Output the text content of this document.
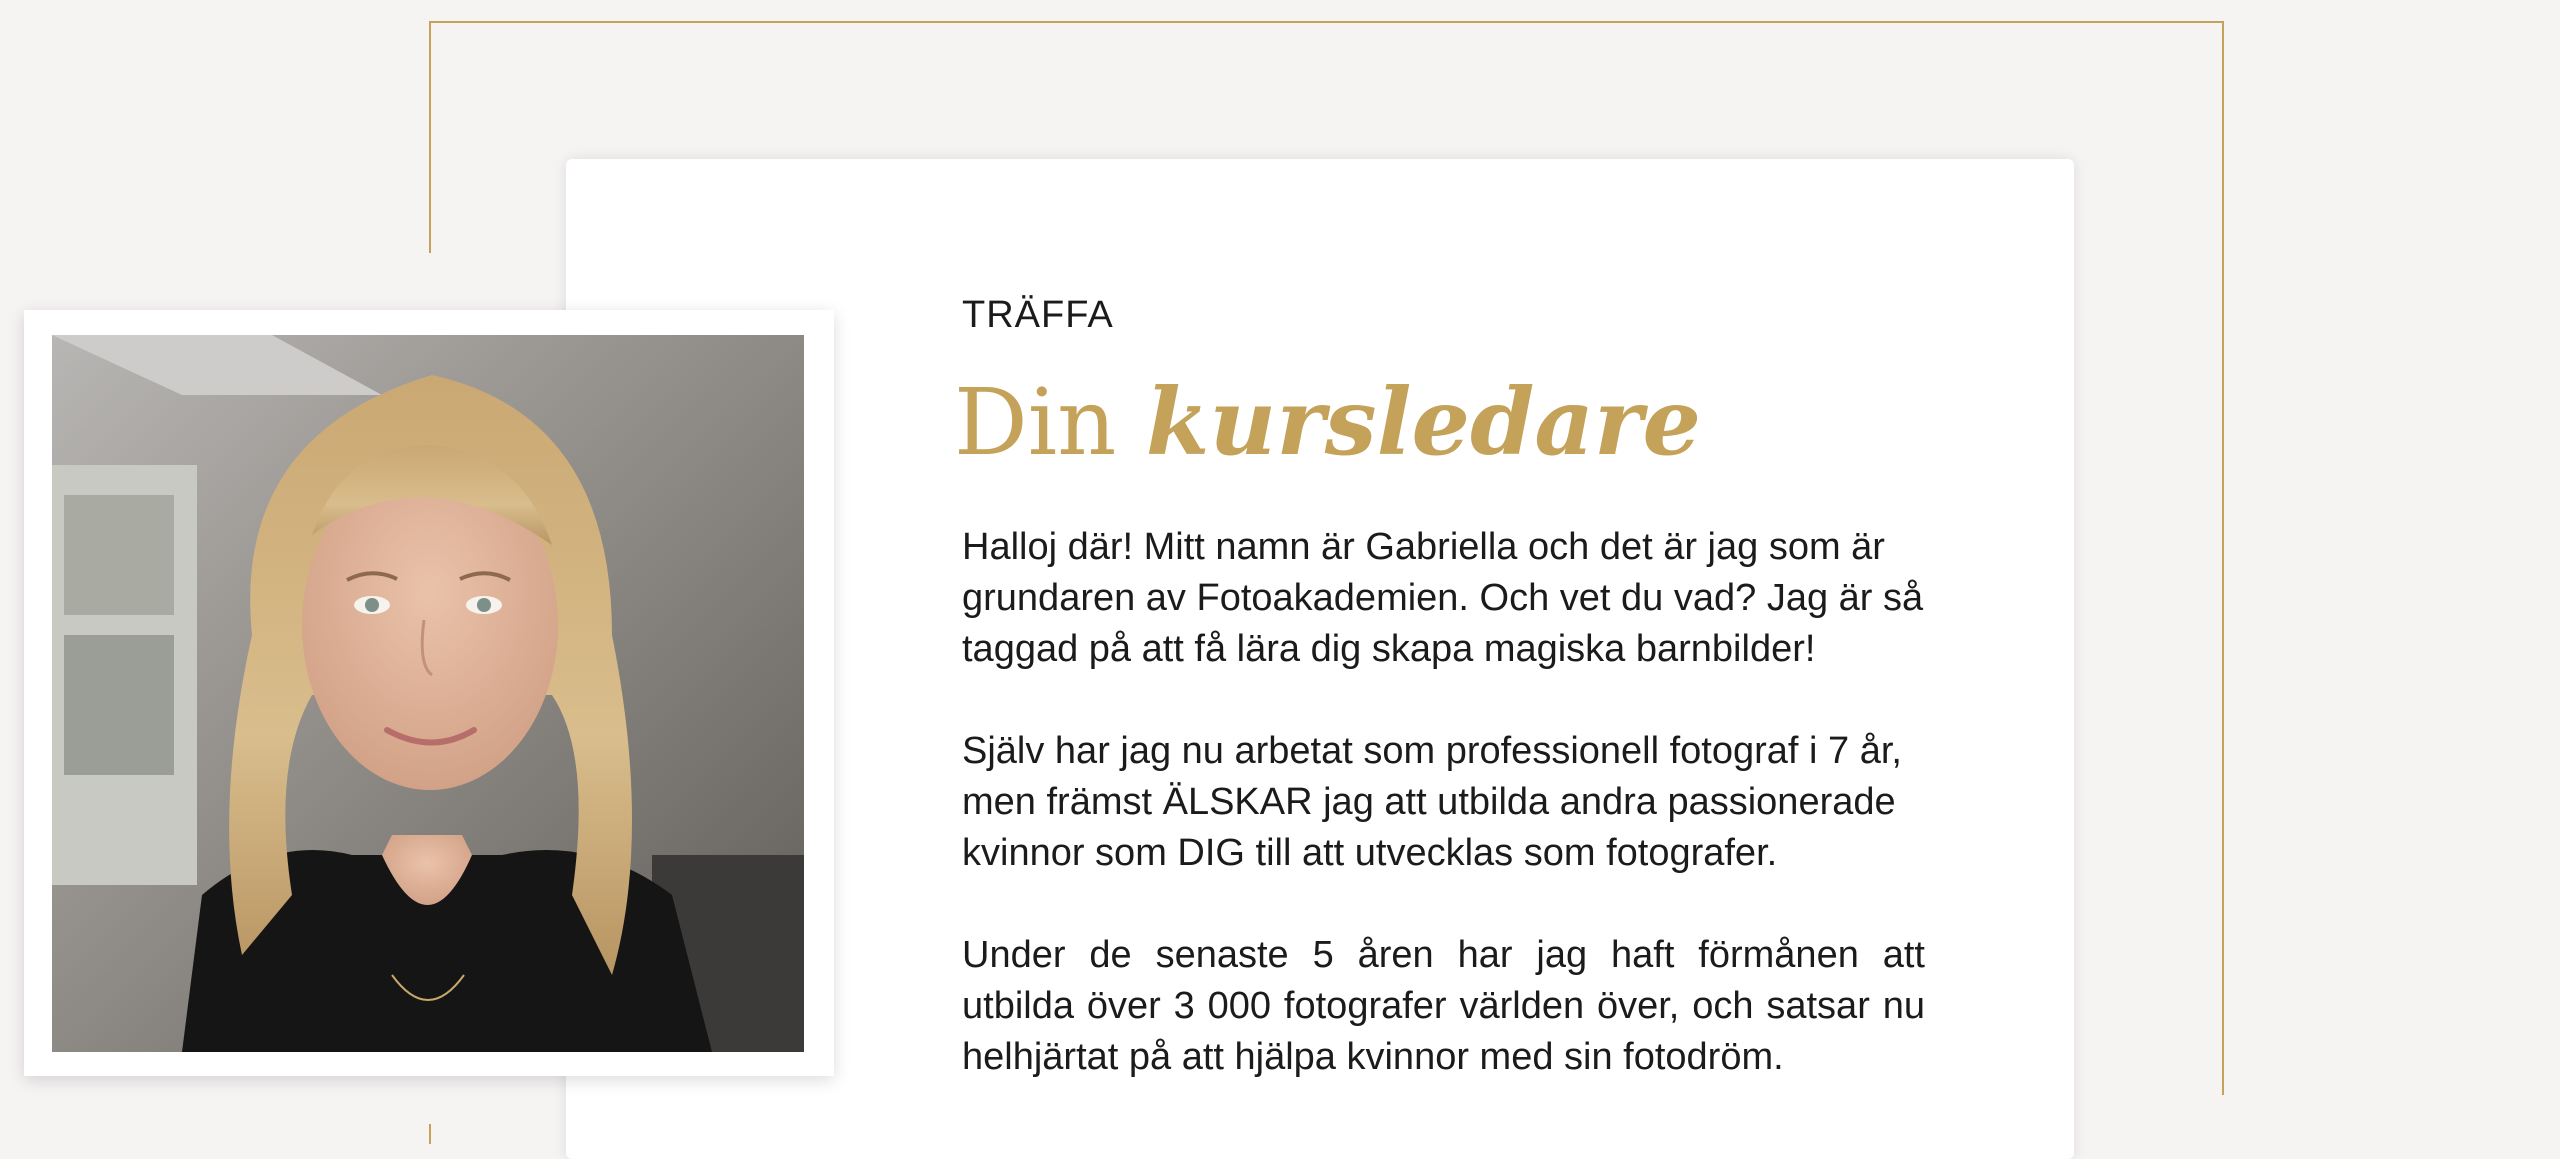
TRÄFFA

Din kursledare

Halloj där! Mitt namn är Gabriella och det är jag som är grundaren av Fotoakademien. Och vet du vad? Jag är så taggad på att få lära dig skapa magiska barnbilder!

Själv har jag nu arbetat som professionell fotograf i 7 år, men främst ÄLSKAR jag att utbilda andra passionerade kvinnor som DIG till att utvecklas som fotografer.

Under de senaste 5 åren har jag haft förmånen att utbilda över 3 000 fotografer världen över, och satsar nu helhjärtat på att hjälpa kvinnor med sin fotodröm.
